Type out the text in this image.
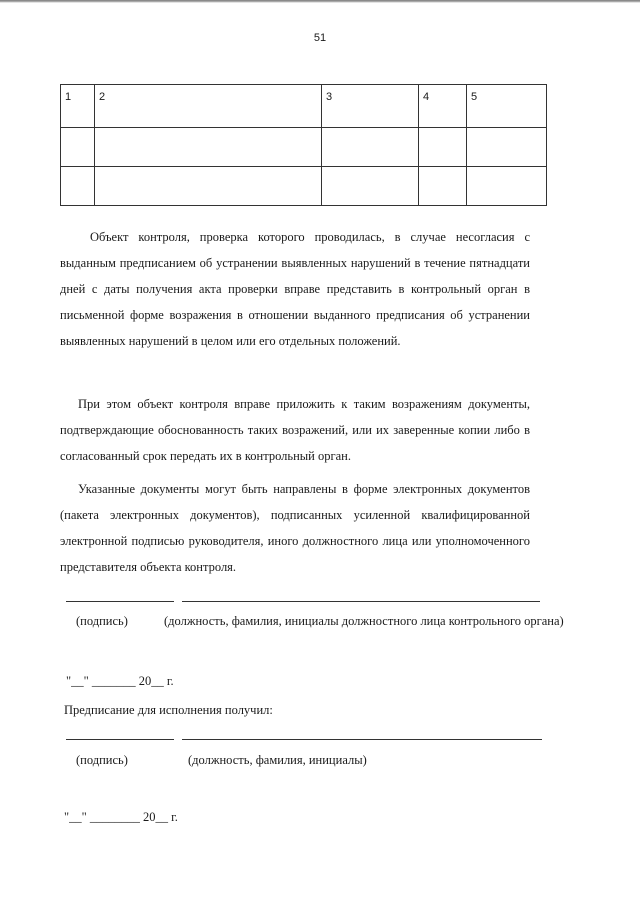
51
1	2	3	4	5

Объект контроля, проверка которого проводилась, в случае несогласия с выданным предписанием об устранении выявленных нарушений в течение пятнадцати дней с даты получения акта проверки вправе представить в контрольный орган в письменной форме возражения в отношении выданного предписания об устранении выявленных нарушений в целом или его отдельных положений.
При этом объект контроля вправе приложить к таким возражениям документы, подтверждающие обоснованность таких возражений, или их заверенные копии либо в согласованный срок передать их в контрольный орган.
Указанные документы могут быть направлены в форме электронных документов (пакета электронных документов), подписанных усиленной квалифицированной электронной подписью руководителя, иного должностного лица или уполномоченного представителя объекта контроля.
(подпись)	(должность, фамилия, инициалы должностного лица контрольного органа)
"__" _______ 20__ г.
Предписание для исполнения получил:
(подпись)	(должность, фамилия, инициалы)
"__" ________ 20__ г.
